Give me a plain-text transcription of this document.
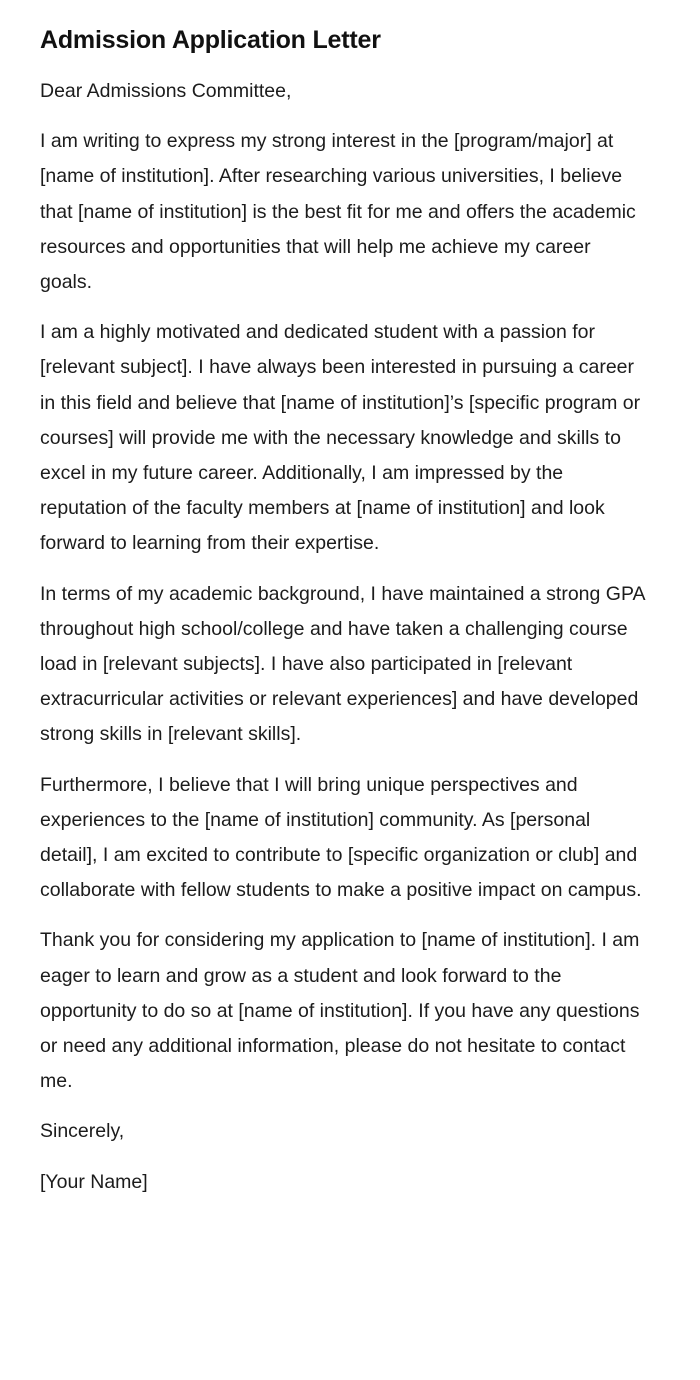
Admission Application Letter

Dear Admissions Committee,

I am writing to express my strong interest in the [program/major] at [name of institution]. After researching various universities, I believe that [name of institution] is the best fit for me and offers the academic resources and opportunities that will help me achieve my career goals.

I am a highly motivated and dedicated student with a passion for [relevant subject]. I have always been interested in pursuing a career in this field and believe that [name of institution]’s [specific program or courses] will provide me with the necessary knowledge and skills to excel in my future career. Additionally, I am impressed by the reputation of the faculty members at [name of institution] and look forward to learning from their expertise.

In terms of my academic background, I have maintained a strong GPA throughout high school/college and have taken a challenging course load in [relevant subjects]. I have also participated in [relevant extracurricular activities or relevant experiences] and have developed strong skills in [relevant skills].

Furthermore, I believe that I will bring unique perspectives and experiences to the [name of institution] community. As [personal detail], I am excited to contribute to [specific organization or club] and collaborate with fellow students to make a positive impact on campus.

Thank you for considering my application to [name of institution]. I am eager to learn and grow as a student and look forward to the opportunity to do so at [name of institution]. If you have any questions or need any additional information, please do not hesitate to contact me.

Sincerely,

[Your Name]
